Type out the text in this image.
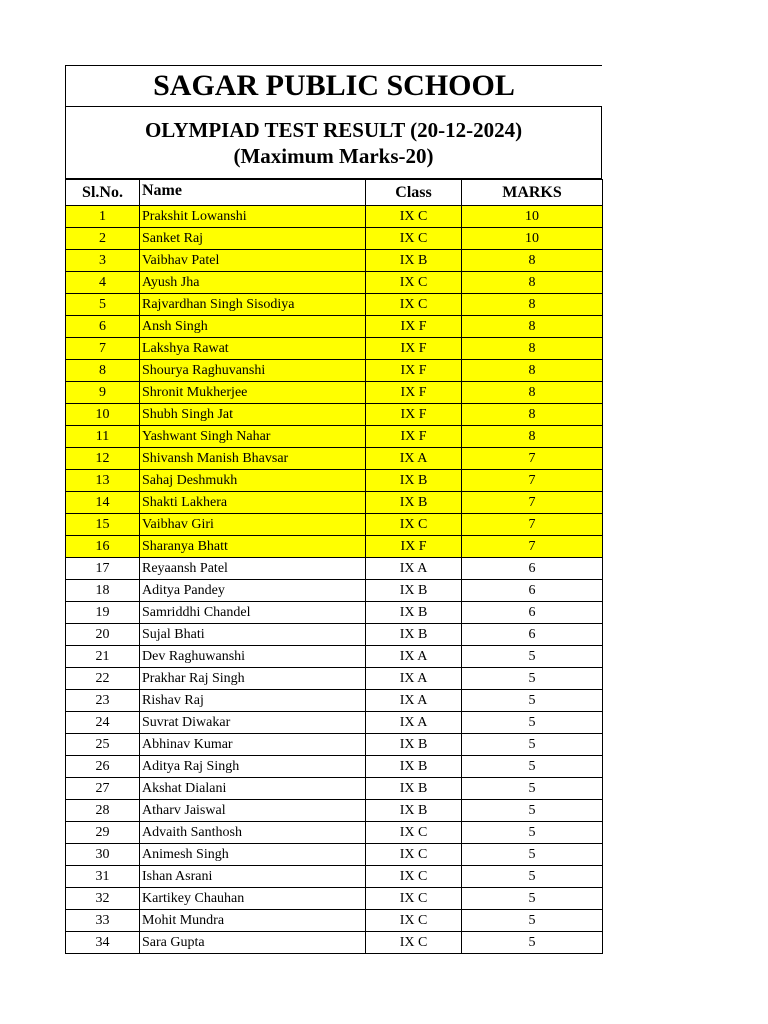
SAGAR PUBLIC SCHOOL
OLYMPIAD TEST RESULT (20-12-2024)
(Maximum Marks-20)
Sl.No.	Name	Class	MARKS
1	Prakshit Lowanshi	IX C	10
2	Sanket Raj	IX C	10
3	Vaibhav Patel	IX B	8
4	Ayush Jha	IX C	8
5	Rajvardhan Singh Sisodiya	IX C	8
6	Ansh Singh	IX F	8
7	Lakshya Rawat	IX F	8
8	Shourya Raghuvanshi	IX F	8
9	Shronit Mukherjee	IX F	8
10	Shubh Singh Jat	IX F	8
11	Yashwant Singh Nahar	IX F	8
12	Shivansh Manish Bhavsar	IX A	7
13	Sahaj Deshmukh	IX B	7
14	Shakti Lakhera	IX B	7
15	Vaibhav Giri	IX C	7
16	Sharanya Bhatt	IX F	7
17	Reyaansh Patel	IX A	6
18	Aditya Pandey	IX B	6
19	Samriddhi Chandel	IX B	6
20	Sujal Bhati	IX B	6
21	Dev Raghuwanshi	IX A	5
22	Prakhar Raj Singh	IX A	5
23	Rishav Raj	IX A	5
24	Suvrat Diwakar	IX A	5
25	Abhinav Kumar	IX B	5
26	Aditya Raj Singh	IX B	5
27	Akshat Dialani	IX B	5
28	Atharv Jaiswal	IX B	5
29	Advaith Santhosh	IX C	5
30	Animesh Singh	IX C	5
31	Ishan Asrani	IX C	5
32	Kartikey Chauhan	IX C	5
33	Mohit Mundra	IX C	5
34	Sara Gupta	IX C	5
